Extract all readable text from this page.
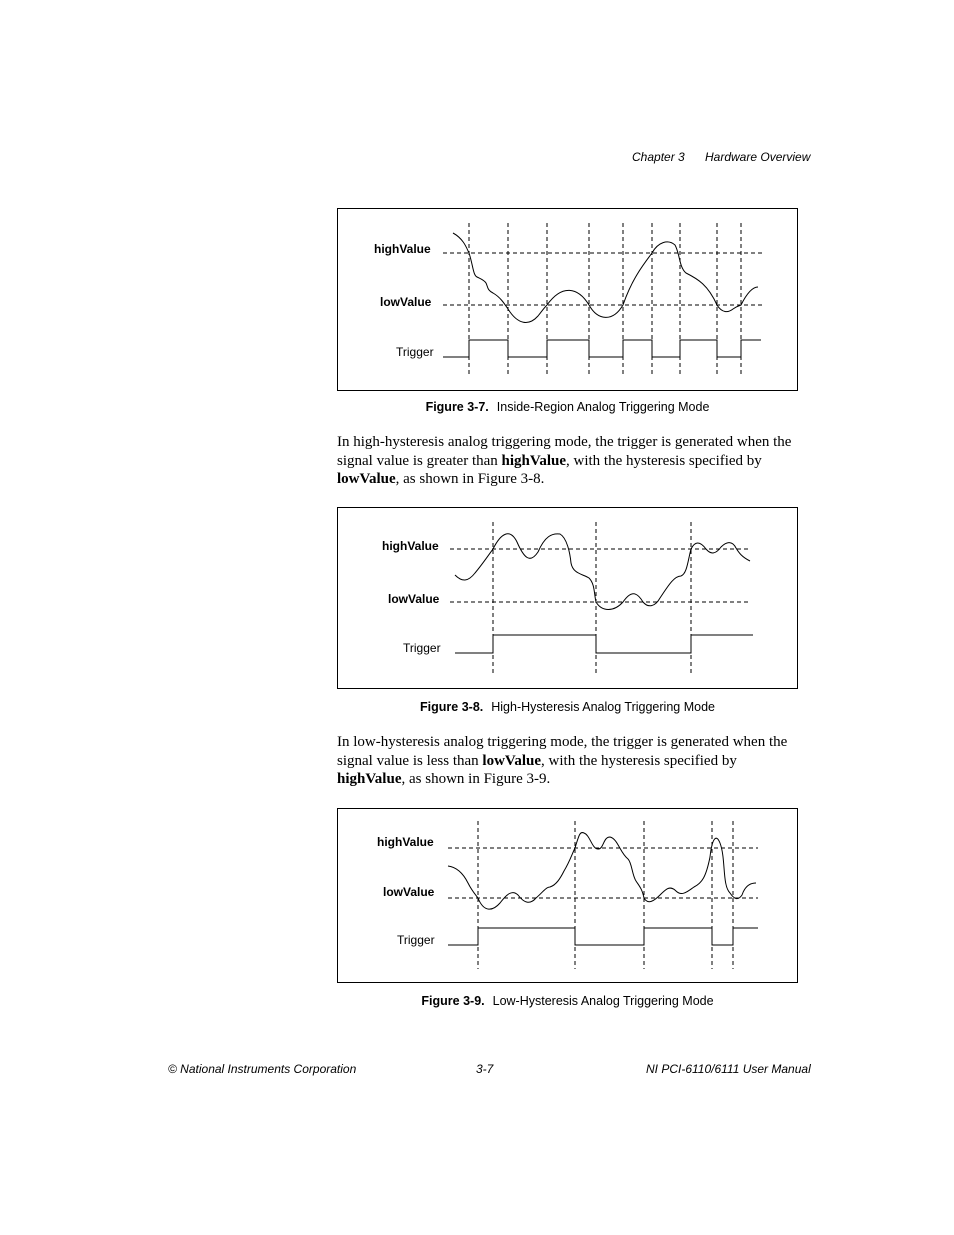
Chapter 3 Hardware Overview
highValue
lowValue
Trigger
Figure 3-7. Inside-Region Analog Triggering Mode

In high-hysteresis analog triggering mode, the trigger is generated when the signal value is greater than highValue, with the hysteresis specified by lowValue, as shown in Figure 3-8.

highValue
lowValue
Trigger
Figure 3-8. High-Hysteresis Analog Triggering Mode

In low-hysteresis analog triggering mode, the trigger is generated when the signal value is less than lowValue, with the hysteresis specified by highValue, as shown in Figure 3-9.

highValue
lowValue
Trigger
Figure 3-9. Low-Hysteresis Analog Triggering Mode
© National Instruments Corporation	3-7	NI PCI-6110/6111 User Manual
